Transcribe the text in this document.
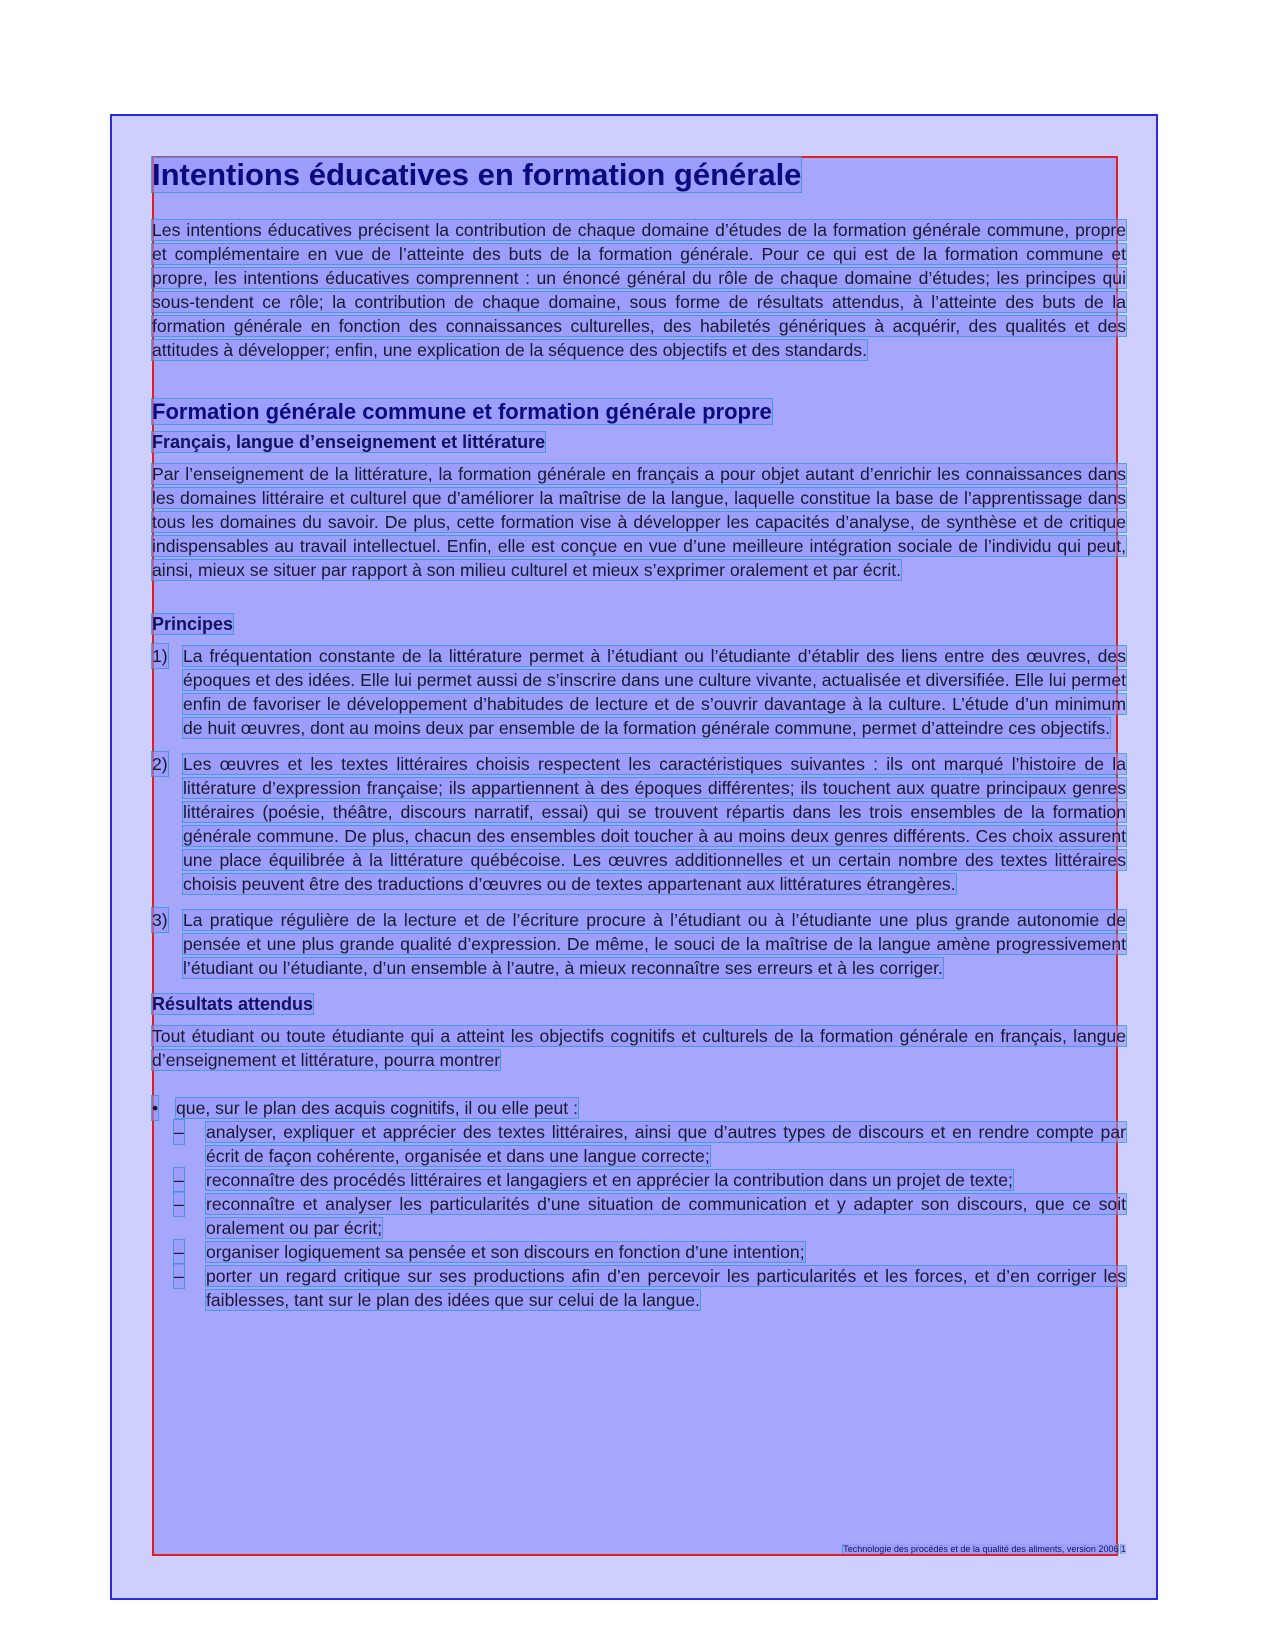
Intentions éducatives en formation générale

Les intentions éducatives précisent la contribution de chaque domaine d’études de la formation générale commune, propre et complémentaire en vue de l’atteinte des buts de la formation générale. Pour ce qui est de la formation commune et propre, les intentions éducatives comprennent : un énoncé général du rôle de chaque domaine d’études; les principes qui sous-tendent ce rôle; la contribution de chaque domaine, sous forme de résultats attendus, à l’atteinte des buts de la formation générale en fonction des connaissances culturelles, des habiletés génériques à acquérir, des qualités et des attitudes à développer; enfin, une explication de la séquence des objectifs et des standards.

Formation générale commune et formation générale propre
Français, langue d’enseignement et littérature

Par l’enseignement de la littérature, la formation générale en français a pour objet autant d’enrichir les connaissances dans les domaines littéraire et culturel que d’améliorer la maîtrise de la langue, laquelle constitue la base de l’apprentissage dans tous les domaines du savoir. De plus, cette formation vise à développer les capacités d’analyse, de synthèse et de critique indispensables au travail intellectuel. Enfin, elle est conçue en vue d’une meilleure intégration sociale de l’individu qui peut, ainsi, mieux se situer par rapport à son milieu culturel et mieux s’exprimer oralement et par écrit.

Principes
1) La fréquentation constante de la littérature permet à l’étudiant ou l’étudiante d’établir des liens entre des œuvres, des époques et des idées. Elle lui permet aussi de s’inscrire dans une culture vivante, actualisée et diversifiée. Elle lui permet enfin de favoriser le développement d’habitudes de lecture et de s’ouvrir davantage à la culture. L’étude d’un minimum de huit œuvres, dont au moins deux par ensemble de la formation générale commune, permet d’atteindre ces objectifs.
2) Les œuvres et les textes littéraires choisis respectent les caractéristiques suivantes : ils ont marqué l’histoire de la littérature d’expression française; ils appartiennent à des époques différentes; ils touchent aux quatre principaux genres littéraires (poésie, théâtre, discours narratif, essai) qui se trouvent répartis dans les trois ensembles de la formation générale commune. De plus, chacun des ensembles doit toucher à au moins deux genres différents. Ces choix assurent une place équilibrée à la littérature québécoise. Les œuvres additionnelles et un certain nombre des textes littéraires choisis peuvent être des traductions d’œuvres ou de textes appartenant aux littératures étrangères.
3) La pratique régulière de la lecture et de l’écriture procure à l’étudiant ou à l’étudiante une plus grande autonomie de pensée et une plus grande qualité d’expression. De même, le souci de la maîtrise de la langue amène progressivement l’étudiant ou l’étudiante, d’un ensemble à l’autre, à mieux reconnaître ses erreurs et à les corriger.
Résultats attendus

Tout étudiant ou toute étudiante qui a atteint les objectifs cognitifs et culturels de la formation générale en français, langue d’enseignement et littérature, pourra montrer

• que, sur le plan des acquis cognitifs, il ou elle peut :
– analyser, expliquer et apprécier des textes littéraires, ainsi que d’autres types de discours et en rendre compte par écrit de façon cohérente, organisée et dans une langue correcte;
– reconnaître des procédés littéraires et langagiers et en apprécier la contribution dans un projet de texte;
– reconnaître et analyser les particularités d’une situation de communication et y adapter son discours, que ce soit oralement ou par écrit;
– organiser logiquement sa pensée et son discours en fonction d’une intention;
– porter un regard critique sur ses productions afin d’en percevoir les particularités et les forces, et d’en corriger les faiblesses, tant sur le plan des idées que sur celui de la langue.
Technologie des procédés et de la qualité des aliments, version 2006 1
